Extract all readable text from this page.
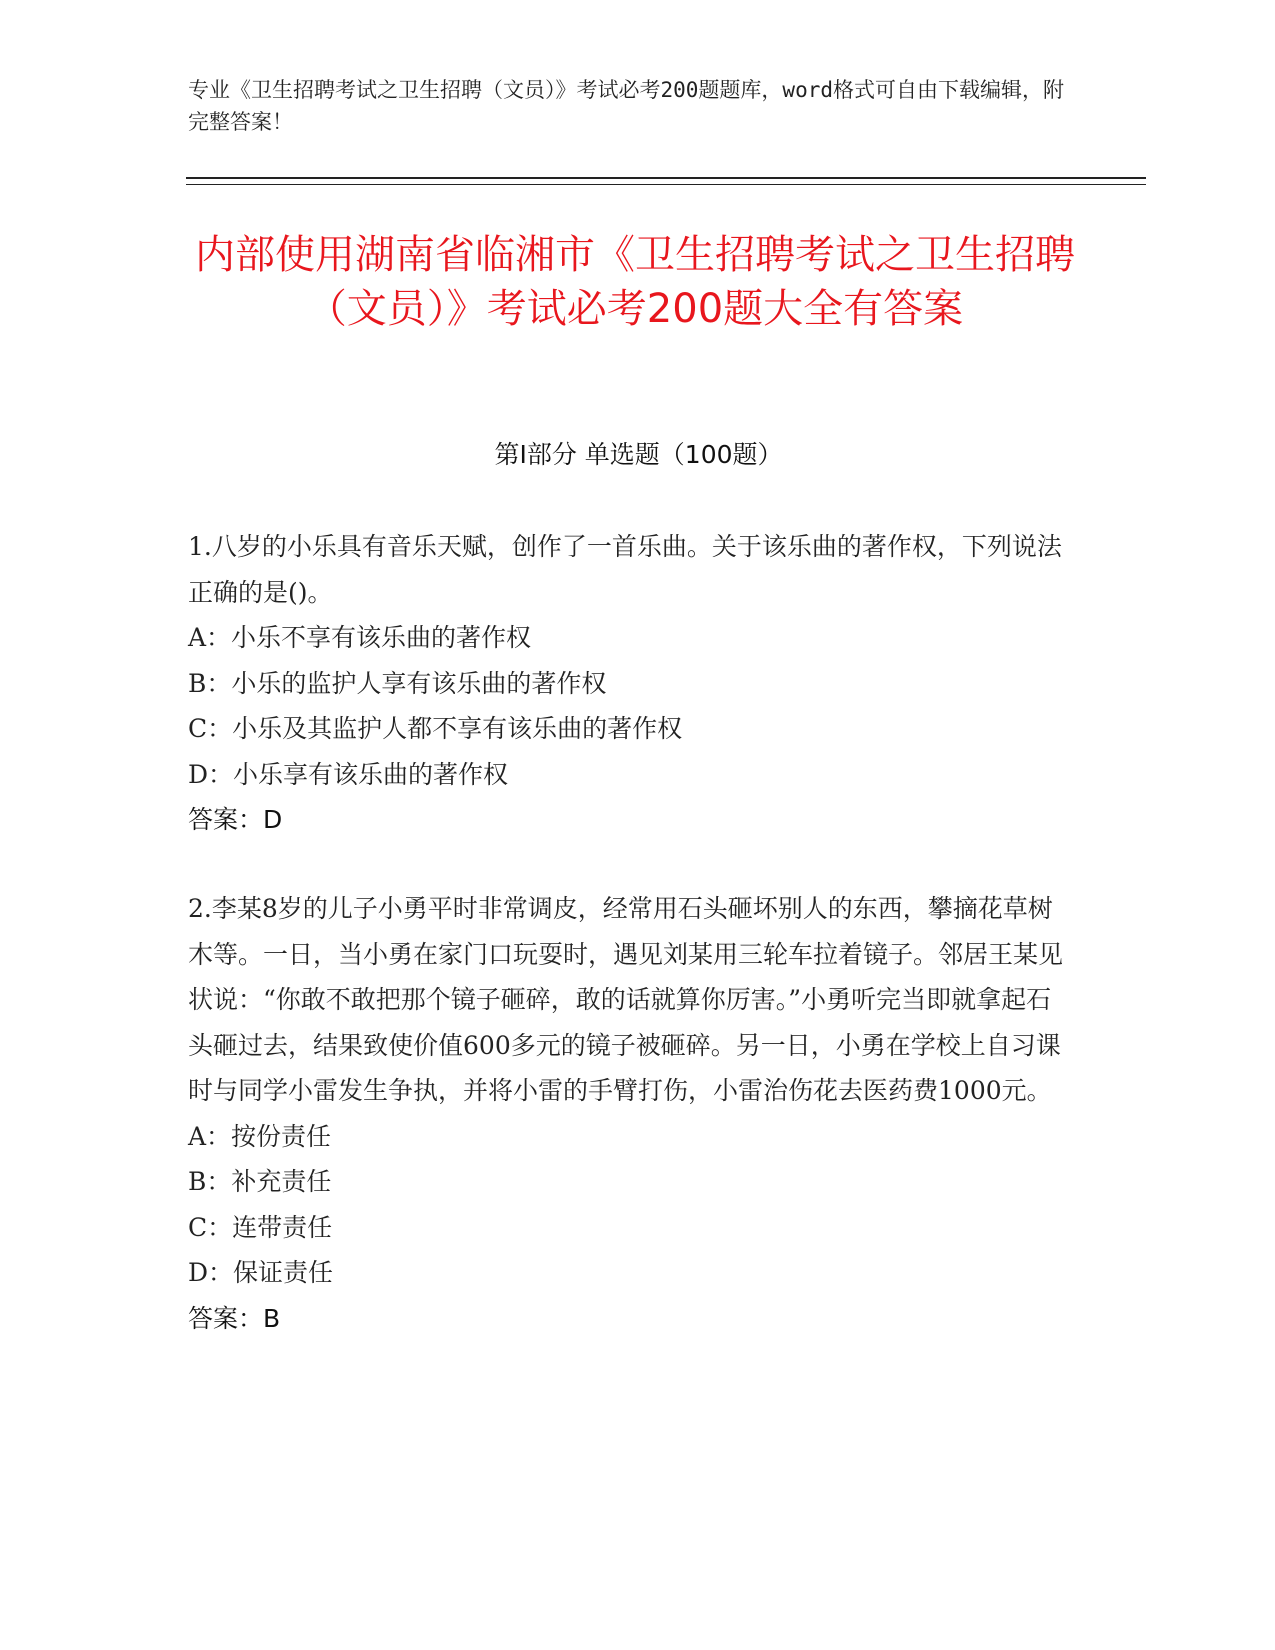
专业《卫生招聘考试之卫生招聘（文员）》考试必考200题题库，word格式可自由下载编辑，附完整答案！
内部使用湖南省临湘市《卫生招聘考试之卫生招聘（文员）》考试必考200题大全有答案
第Ⅰ部分 单选题（100题）
1.八岁的小乐具有音乐天赋，创作了一首乐曲。关于该乐曲的著作权，下列说法正确的是()。
A：小乐不享有该乐曲的著作权
B：小乐的监护人享有该乐曲的著作权
C：小乐及其监护人都不享有该乐曲的著作权
D：小乐享有该乐曲的著作权
答案：D
2.李某8岁的儿子小勇平时非常调皮，经常用石头砸坏别人的东西，攀摘花草树木等。一日，当小勇在家门口玩耍时，遇见刘某用三轮车拉着镜子。邻居王某见状说：“你敢不敢把那个镜子砸碎，敢的话就算你厉害。”小勇听完当即就拿起石头砸过去，结果致使价值600多元的镜子被砸碎。另一日，小勇在学校上自习课时与同学小雷发生争执，并将小雷的手臂打伤，小雷治伤花去医药费1000元。
A：按份责任
B：补充责任
C：连带责任
D：保证责任
答案：B
